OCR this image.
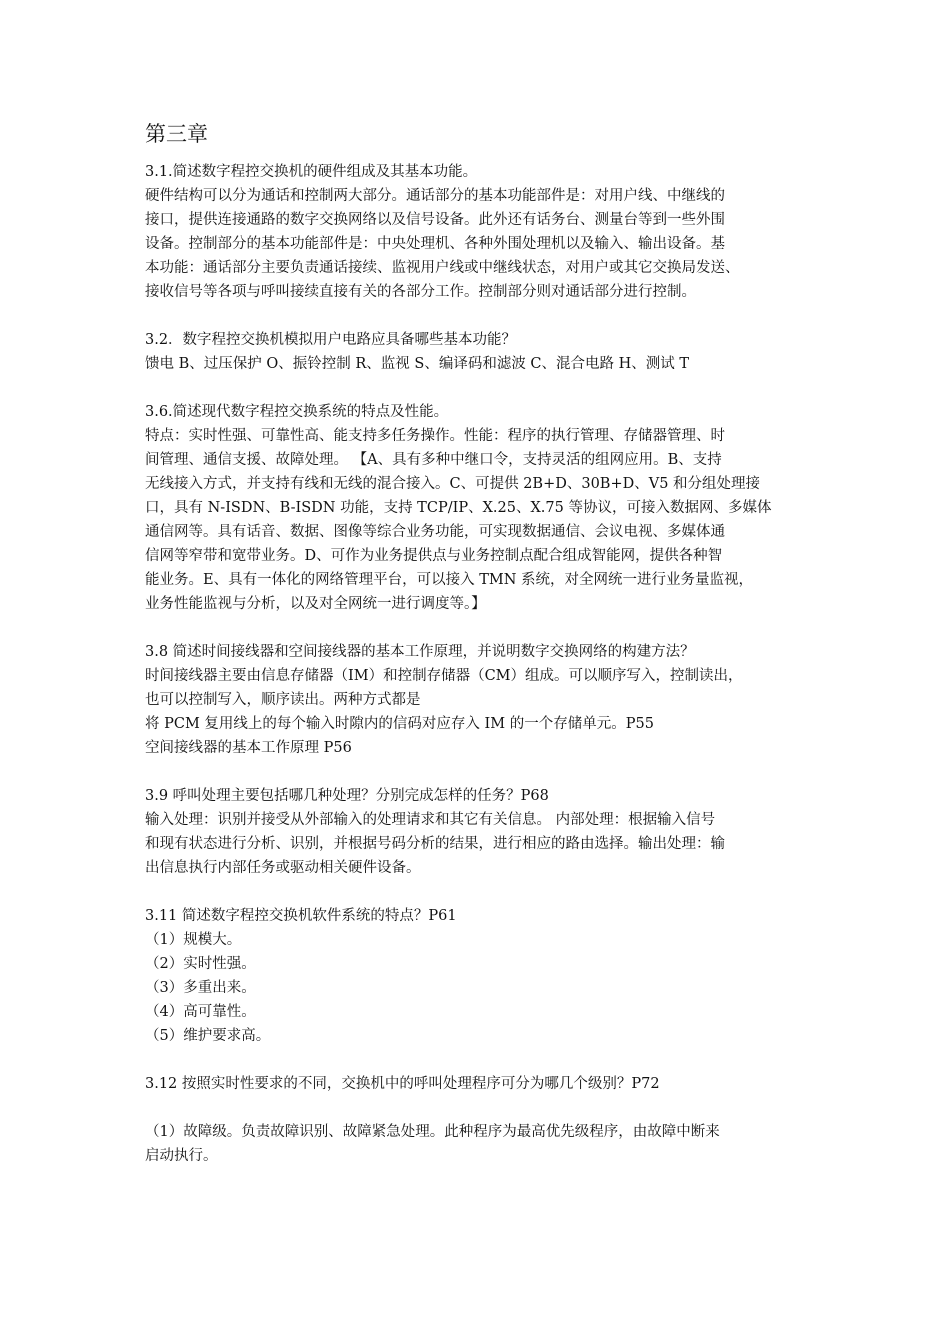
第三章
3.1.简述数字程控交换机的硬件组成及其基本功能。
硬件结构可以分为通话和控制两大部分。通话部分的基本功能部件是：对用户线、中继线的
接口，提供连接通路的数字交换网络以及信号设备。此外还有话务台、测量台等到一些外围
设备。控制部分的基本功能部件是：中央处理机、各种外围处理机以及输入、输出设备。基
本功能：通话部分主要负责通话接续、监视用户线或中继线状态，对用户或其它交换局发送、
接收信号等各项与呼叫接续直接有关的各部分工作。控制部分则对通话部分进行控制。
3.2．数字程控交换机模拟用户电路应具备哪些基本功能？
馈电 B、过压保护 O、振铃控制 R、监视 S、编译码和滤波 C、混合电路 H、测试 T
3.6.简述现代数字程控交换系统的特点及性能。
特点：实时性强、可靠性高、能支持多任务操作。性能：程序的执行管理、存储器管理、时
间管理、通信支援、故障处理。 【A、具有多种中继口令，支持灵活的组网应用。B、支持
无线接入方式，并支持有线和无线的混合接入。C、可提供 2B+D、30B+D、V5 和分组处理接
口，具有 N-ISDN、B-ISDN 功能，支持 TCP/IP、X.25、X.75 等协议，可接入数据网、多媒体
通信网等。具有话音、数据、图像等综合业务功能，可实现数据通信、会议电视、多媒体通
信网等窄带和宽带业务。D、可作为业务提供点与业务控制点配合组成智能网，提供各种智
能业务。E、具有一体化的网络管理平台，可以接入 TMN 系统，对全网统一进行业务量监视，
业务性能监视与分析，以及对全网统一进行调度等。】
3.8 简述时间接线器和空间接线器的基本工作原理，并说明数字交换网络的构建方法？
时间接线器主要由信息存储器（IM）和控制存储器（CM）组成。可以顺序写入，控制读出，
也可以控制写入，顺序读出。两种方式都是
将 PCM 复用线上的每个输入时隙内的信码对应存入 IM 的一个存储单元。P55
空间接线器的基本工作原理 P56
3.9 呼叫处理主要包括哪几种处理？分别完成怎样的任务？P68
输入处理：识别并接受从外部输入的处理请求和其它有关信息。 内部处理：根据输入信号
和现有状态进行分析、识别，并根据号码分析的结果，进行相应的路由选择。输出处理：输
出信息执行内部任务或驱动相关硬件设备。
3.11 简述数字程控交换机软件系统的特点？P61
（1）规模大。
（2）实时性强。
（3）多重出来。
（4）高可靠性。
（5）维护要求高。
3.12 按照实时性要求的不同，交换机中的呼叫处理程序可分为哪几个级别？P72
（1）故障级。负责故障识别、故障紧急处理。此种程序为最高优先级程序，由故障中断来
启动执行。
